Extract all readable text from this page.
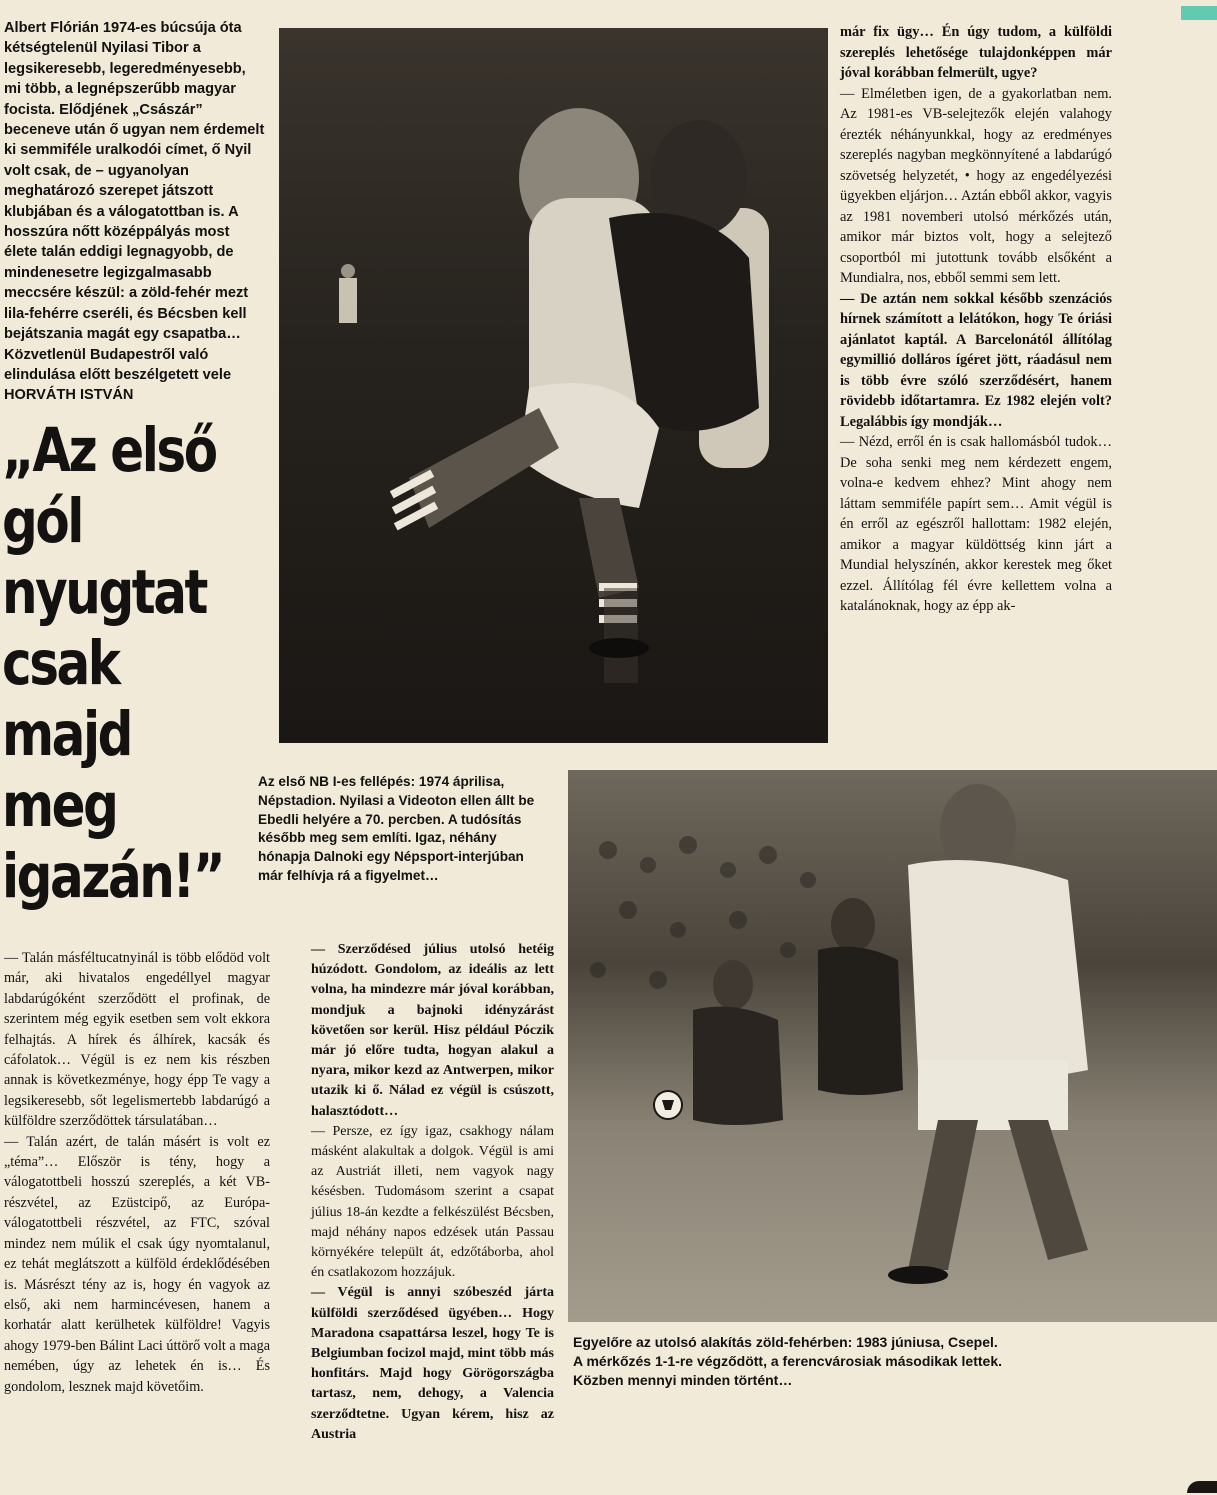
Albert Flórián 1974-es búcsúja óta kétségtelenül Nyilasi Tibor a legsikeresebb, legeredményesebb, mi több, a legnépszerűbb magyar focista. Elődjének „Császár” beceneve után ő ugyan nem érdemelt ki semmiféle uralkodói címet, ő Nyil volt csak, de – ugyanolyan meghatározó szerepet játszott klubjában és a válogatottban is. A hosszúra nőtt középpályás most élete talán eddigi legnagyobb, de mindenesetre legizgalmasabb meccsére készül: a zöld-fehér mezt lila-fehérre cseréli, és Bécsben kell bejátszania magát egy csapatba… Közvetlenül Budapestről való elindulása előtt beszélgetett vele HORVÁTH ISTVÁN

„Az első
gól
nyugtat
csak
majd meg
igazán!”

— Talán másféltucatnyinál is több elődöd volt már, aki hivatalos engedéllyel magyar labdarúgóként szerződött el profinak, de szerintem még egyik esetben sem volt ekkora felhajtás. A hírek és álhírek, kacsák és cáfolatok… Végül is ez nem kis részben annak is következménye, hogy épp Te vagy a legsikeresebb, sőt legelismertebb labdarúgó a külföldre szerződöttek társulatában…

— Talán azért, de talán másért is volt ez „téma”… Először is tény, hogy a válogatottbeli hosszú szereplés, a két VB-részvétel, az Ezüstcipő, az Európa-válogatottbeli részvétel, az FTC, szóval mindez nem múlik el csak úgy nyomtalanul, ez tehát meglátszott a külföld érdeklődésében is. Másrészt tény az is, hogy én vagyok az első, aki nem harmincévesen, hanem a korhatár alatt kerülhetek külföldre! Vagyis ahogy 1979-ben Bálint Laci úttörő volt a maga nemében, úgy az lehetek én is… És gondolom, lesznek majd követőim.

Az első NB I-es fellépés: 1974 áprilisa, Népstadion. Nyilasi a Videoton ellen állt be Ebedli helyére a 70. percben. A tudósítás később meg sem említi. Igaz, néhány hónapja Dalnoki egy Népsport-interjúban már felhívja rá a figyelmet…

— Szerződésed július utolsó hetéig húzódott. Gondolom, az ideális az lett volna, ha mindezre már jóval korábban, mondjuk a bajnoki idényzárást követően sor kerül. Hisz például Póczik már jó előre tudta, hogyan alakul a nyara, mikor kezd az Antwerpen, mikor utazik ki ő. Nálad ez végül is csúszott, halasztódott…

— Persze, ez így igaz, csakhogy nálam másként alakultak a dolgok. Végül is ami az Austriát illeti, nem vagyok nagy késésben. Tudomásom szerint a csapat július 18-án kezdte a felkészülést Bécsben, majd néhány napos edzések után Passau környékére települt át, edzőtáborba, ahol én csatlakozom hozzájuk.

— Végül is annyi szóbeszéd járta külföldi szerződésed ügyében… Hogy Maradona csapattársa leszel, hogy Te is Belgiumban focizol majd, mint több más honfitárs. Majd hogy Görögországba tartasz, nem, dehogy, a Valencia szerződtetne. Ugyan kérem, hisz az Austria

már fix ügy… Én úgy tudom, a külföldi szereplés lehetősége tulajdonképpen már jóval korábban felmerült, ugye?

— Elméletben igen, de a gyakorlatban nem. Az 1981-es VB-selejtezők elején valahogy érezték néhányunkkal, hogy az eredményes szereplés nagyban megkönnyítené a labdarúgó szövetség helyzetét, • hogy az engedélyezési ügyekben eljárjon… Aztán ebből akkor, vagyis az 1981 novemberi utolsó mérkőzés után, amikor már biztos volt, hogy a selejtező csoportból mi jutottunk tovább elsőként a Mundialra, nos, ebből semmi sem lett.

— De aztán nem sokkal később szenzációs hírnek számított a lelátókon, hogy Te óriási ajánlatot kaptál. A Barcelonától állítólag egymillió dolláros ígéret jött, ráadásul nem is több évre szóló szerződésért, hanem rövidebb időtartamra. Ez 1982 elején volt? Legalábbis így mondják…

— Nézd, erről én is csak hallomásból tudok… De soha senki meg nem kérdezett engem, volna-e kedvem ehhez? Mint ahogy nem láttam semmiféle papírt sem… Amit végül is én erről az egészről hallottam: 1982 elején, amikor a magyar küldöttség kinn járt a Mundial helyszínén, akkor kerestek meg őket ezzel. Állítólag fél évre kellettem volna a katalánoknak, hogy az épp ak-

Egyelőre az utolsó alakítás zöld-fehérben: 1983 júniusa, Csepel.
A mérkőzés 1-1-re végződött, a ferencvárosiak másodikak lettek.
Közben mennyi minden történt…
